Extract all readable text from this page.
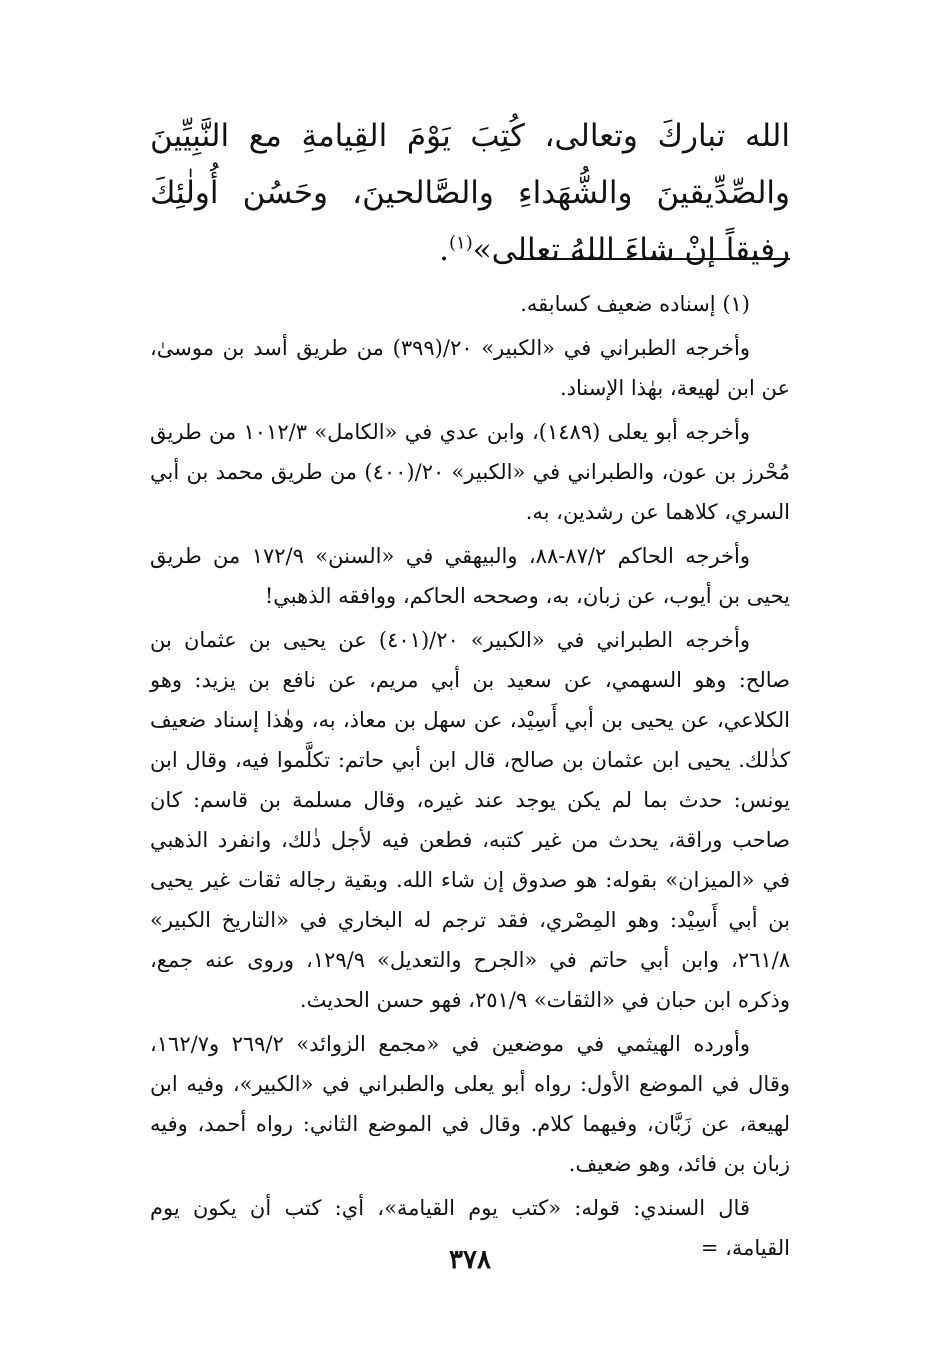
الله تباركَ وتعالى، كُتِبَ يَوْمَ القِيامةِ مع النَّبِيِّينَ والصِّدِّيقينَ والشُّهَداءِ والصَّالحينَ، وحَسُن أُولٰئِكَ رفيقاً إنْ شاءَ اللهُ تعالى»$^{(١)}$.

(١) إسناده ضعيف كسابقه.

وأخرجه الطبراني في «الكبير» ٢٠/(٣٩٩) من طريق أسد بن موسىٰ، عن ابن لهيعة، بهٰذا الإسناد.

وأخرجه أبو يعلى (١٤٨٩)، وابن عدي في «الكامل» ١٠١٢/٣ من طريق مُحْرز بن عون، والطبراني في «الكبير» ٢٠/(٤٠٠) من طريق محمد بن أبي السري، كلاهما عن رشدين، به.

وأخرجه الحاكم ٨٧/٢-٨٨، والبيهقي في «السنن» ١٧٢/٩ من طريق يحيى بن أيوب، عن زبان، به، وصححه الحاكم، ووافقه الذهبي!

وأخرجه الطبراني في «الكبير» ٢٠/(٤٠١) عن يحيى بن عثمان بن صالح: وهو السهمي، عن سعيد بن أبي مريم، عن نافع بن يزيد: وهو الكلاعي، عن يحيى بن أبي أَسِيْد، عن سهل بن معاذ، به، وهٰذا إسناد ضعيف كذٰلك. يحيى ابن عثمان بن صالح، قال ابن أبي حاتم: تكلَّموا فيه، وقال ابن يونس: حدث بما لم يكن يوجد عند غيره، وقال مسلمة بن قاسم: كان صاحب وراقة، يحدث من غير كتبه، فطعن فيه لأجل ذٰلك، وانفرد الذهبي في «الميزان» بقوله: هو صدوق إن شاء الله. وبقية رجاله ثقات غير يحيى بن أبي أَسِيْد: وهو المِصْري، فقد ترجم له البخاري في «التاريخ الكبير» ٢٦١/٨، وابن أبي حاتم في «الجرح والتعديل» ١٢٩/٩، وروى عنه جمع، وذكره ابن حبان في «الثقات» ٢٥١/٩، فهو حسن الحديث.

وأورده الهيثمي في موضعين في «مجمع الزوائد» ٢٦٩/٢ و١٦٢/٧، وقال في الموضع الأول: رواه أبو يعلى والطبراني في «الكبير»، وفيه ابن لهيعة، عن زَبَّان، وفيهما كلام. وقال في الموضع الثاني: رواه أحمد، وفيه زبان بن فائد، وهو ضعيف.

قال السندي: قوله: «كتب يوم القيامة»، أي: كتب أن يكون يوم القيامة، =

٣٧٨
